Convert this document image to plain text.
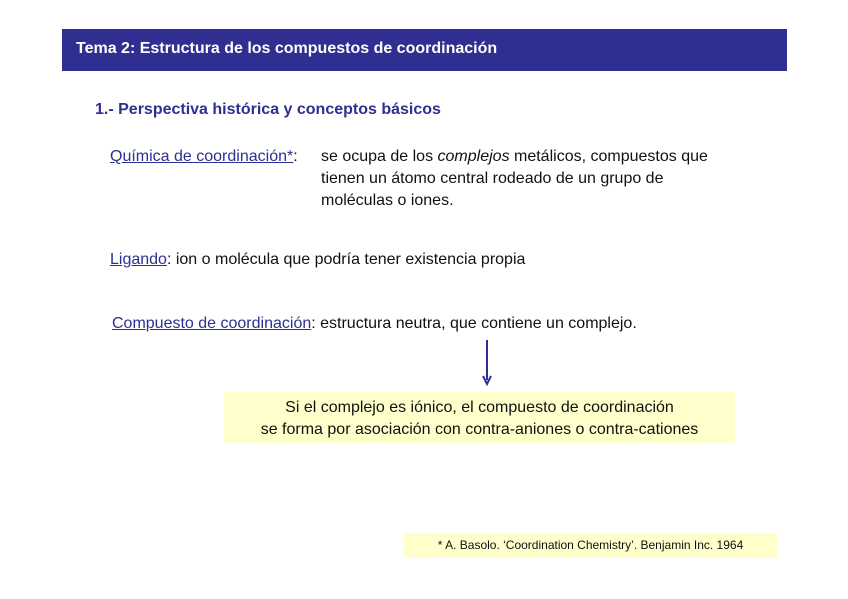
Tema 2: Estructura de los compuestos de coordinación
1.- Perspectiva histórica y conceptos básicos
Química de coordinación*: se ocupa de los complejos metálicos, compuestos que
tienen un átomo central rodeado de un grupo de
moléculas o iones.
Ligando: ion o molécula que podría tener existencia propia
Compuesto de coordinación: estructura neutra, que contiene un complejo.
Si el complejo es iónico, el compuesto de coordinación
se forma por asociación con contra-aniones o contra-cationes
* A. Basolo. ‘Coordination Chemistry’. Benjamin Inc. 1964
